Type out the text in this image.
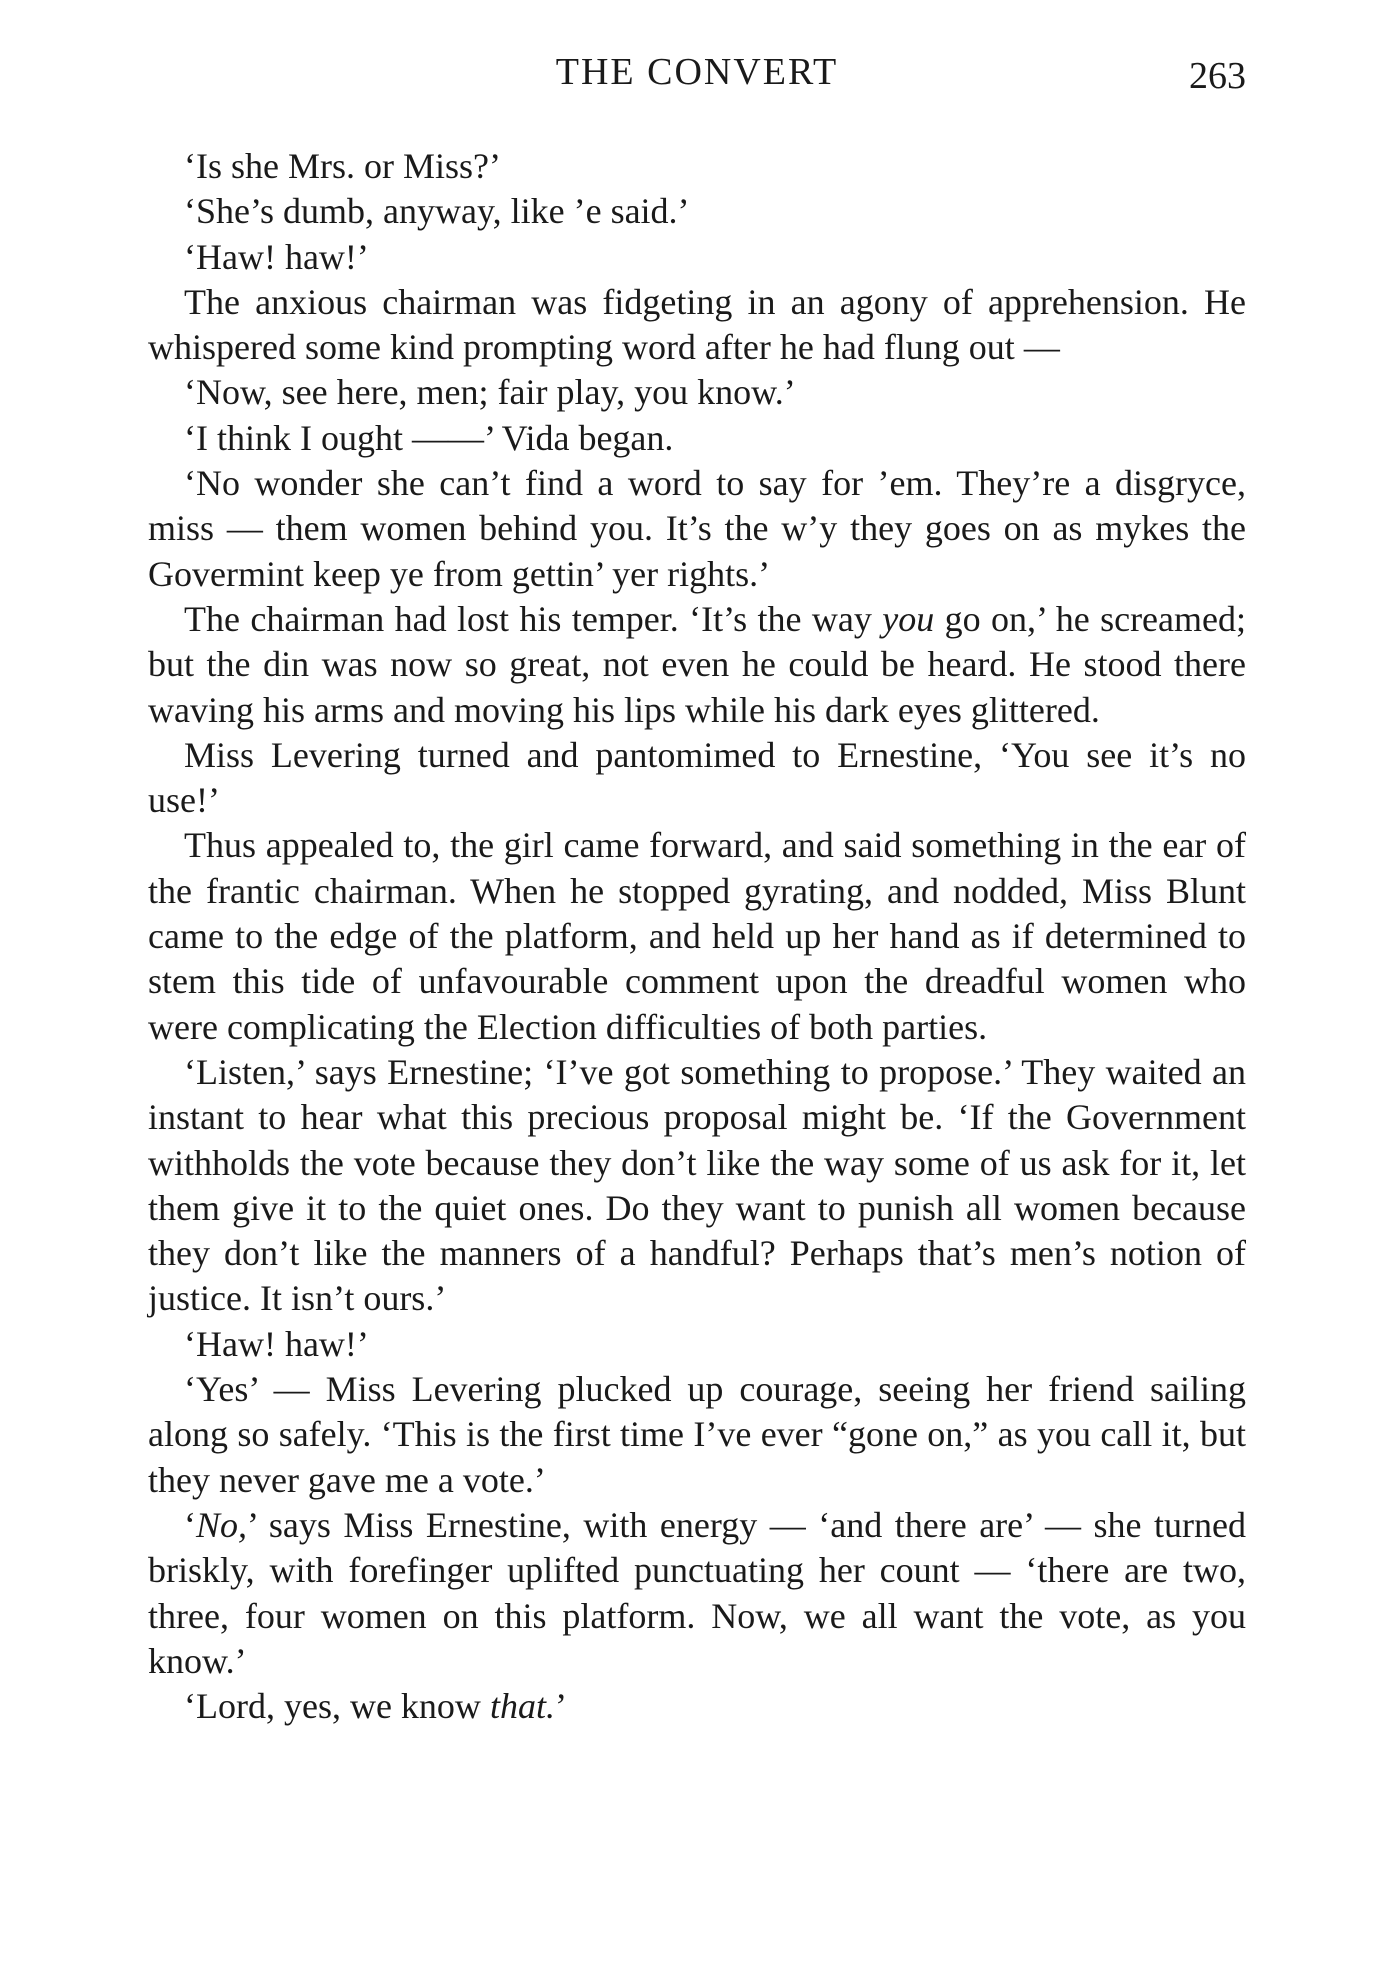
THE CONVERT	263

‘Is she Mrs. or Miss?’

‘She’s dumb, anyway, like ’e said.’

‘Haw! haw!’

The anxious chairman was fidgeting in an agony of apprehension. He whispered some kind prompting word after he had flung out —

‘Now, see here, men; fair play, you know.’

‘I think I ought ——’ Vida began.

‘No wonder she can’t find a word to say for ’em. They’re a disgryce, miss — them women behind you. It’s the w’y they goes on as mykes the Govermint keep ye from gettin’ yer rights.’

The chairman had lost his temper. ‘It’s the way you go on,’ he screamed; but the din was now so great, not even he could be heard. He stood there waving his arms and moving his lips while his dark eyes glittered.

Miss Levering turned and pantomimed to Ernestine, ‘You see it’s no use!’

Thus appealed to, the girl came forward, and said something in the ear of the frantic chairman. When he stopped gyrating, and nodded, Miss Blunt came to the edge of the platform, and held up her hand as if determined to stem this tide of unfavourable comment upon the dreadful women who were complicating the Election difficulties of both parties.

‘Listen,’ says Ernestine; ‘I’ve got something to propose.’ They waited an instant to hear what this precious proposal might be. ‘If the Government withholds the vote because they don’t like the way some of us ask for it, let them give it to the quiet ones. Do they want to punish all women because they don’t like the manners of a handful? Perhaps that’s men’s notion of justice. It isn’t ours.’

‘Haw! haw!’

‘Yes’ — Miss Levering plucked up courage, seeing her friend sailing along so safely. ‘This is the first time I’ve ever “gone on,” as you call it, but they never gave me a vote.’

‘No,’ says Miss Ernestine, with energy — ‘and there are’ — she turned briskly, with forefinger uplifted punctuating her count — ‘there are two, three, four women on this platform. Now, we all want the vote, as you know.’

‘Lord, yes, we know that.’
